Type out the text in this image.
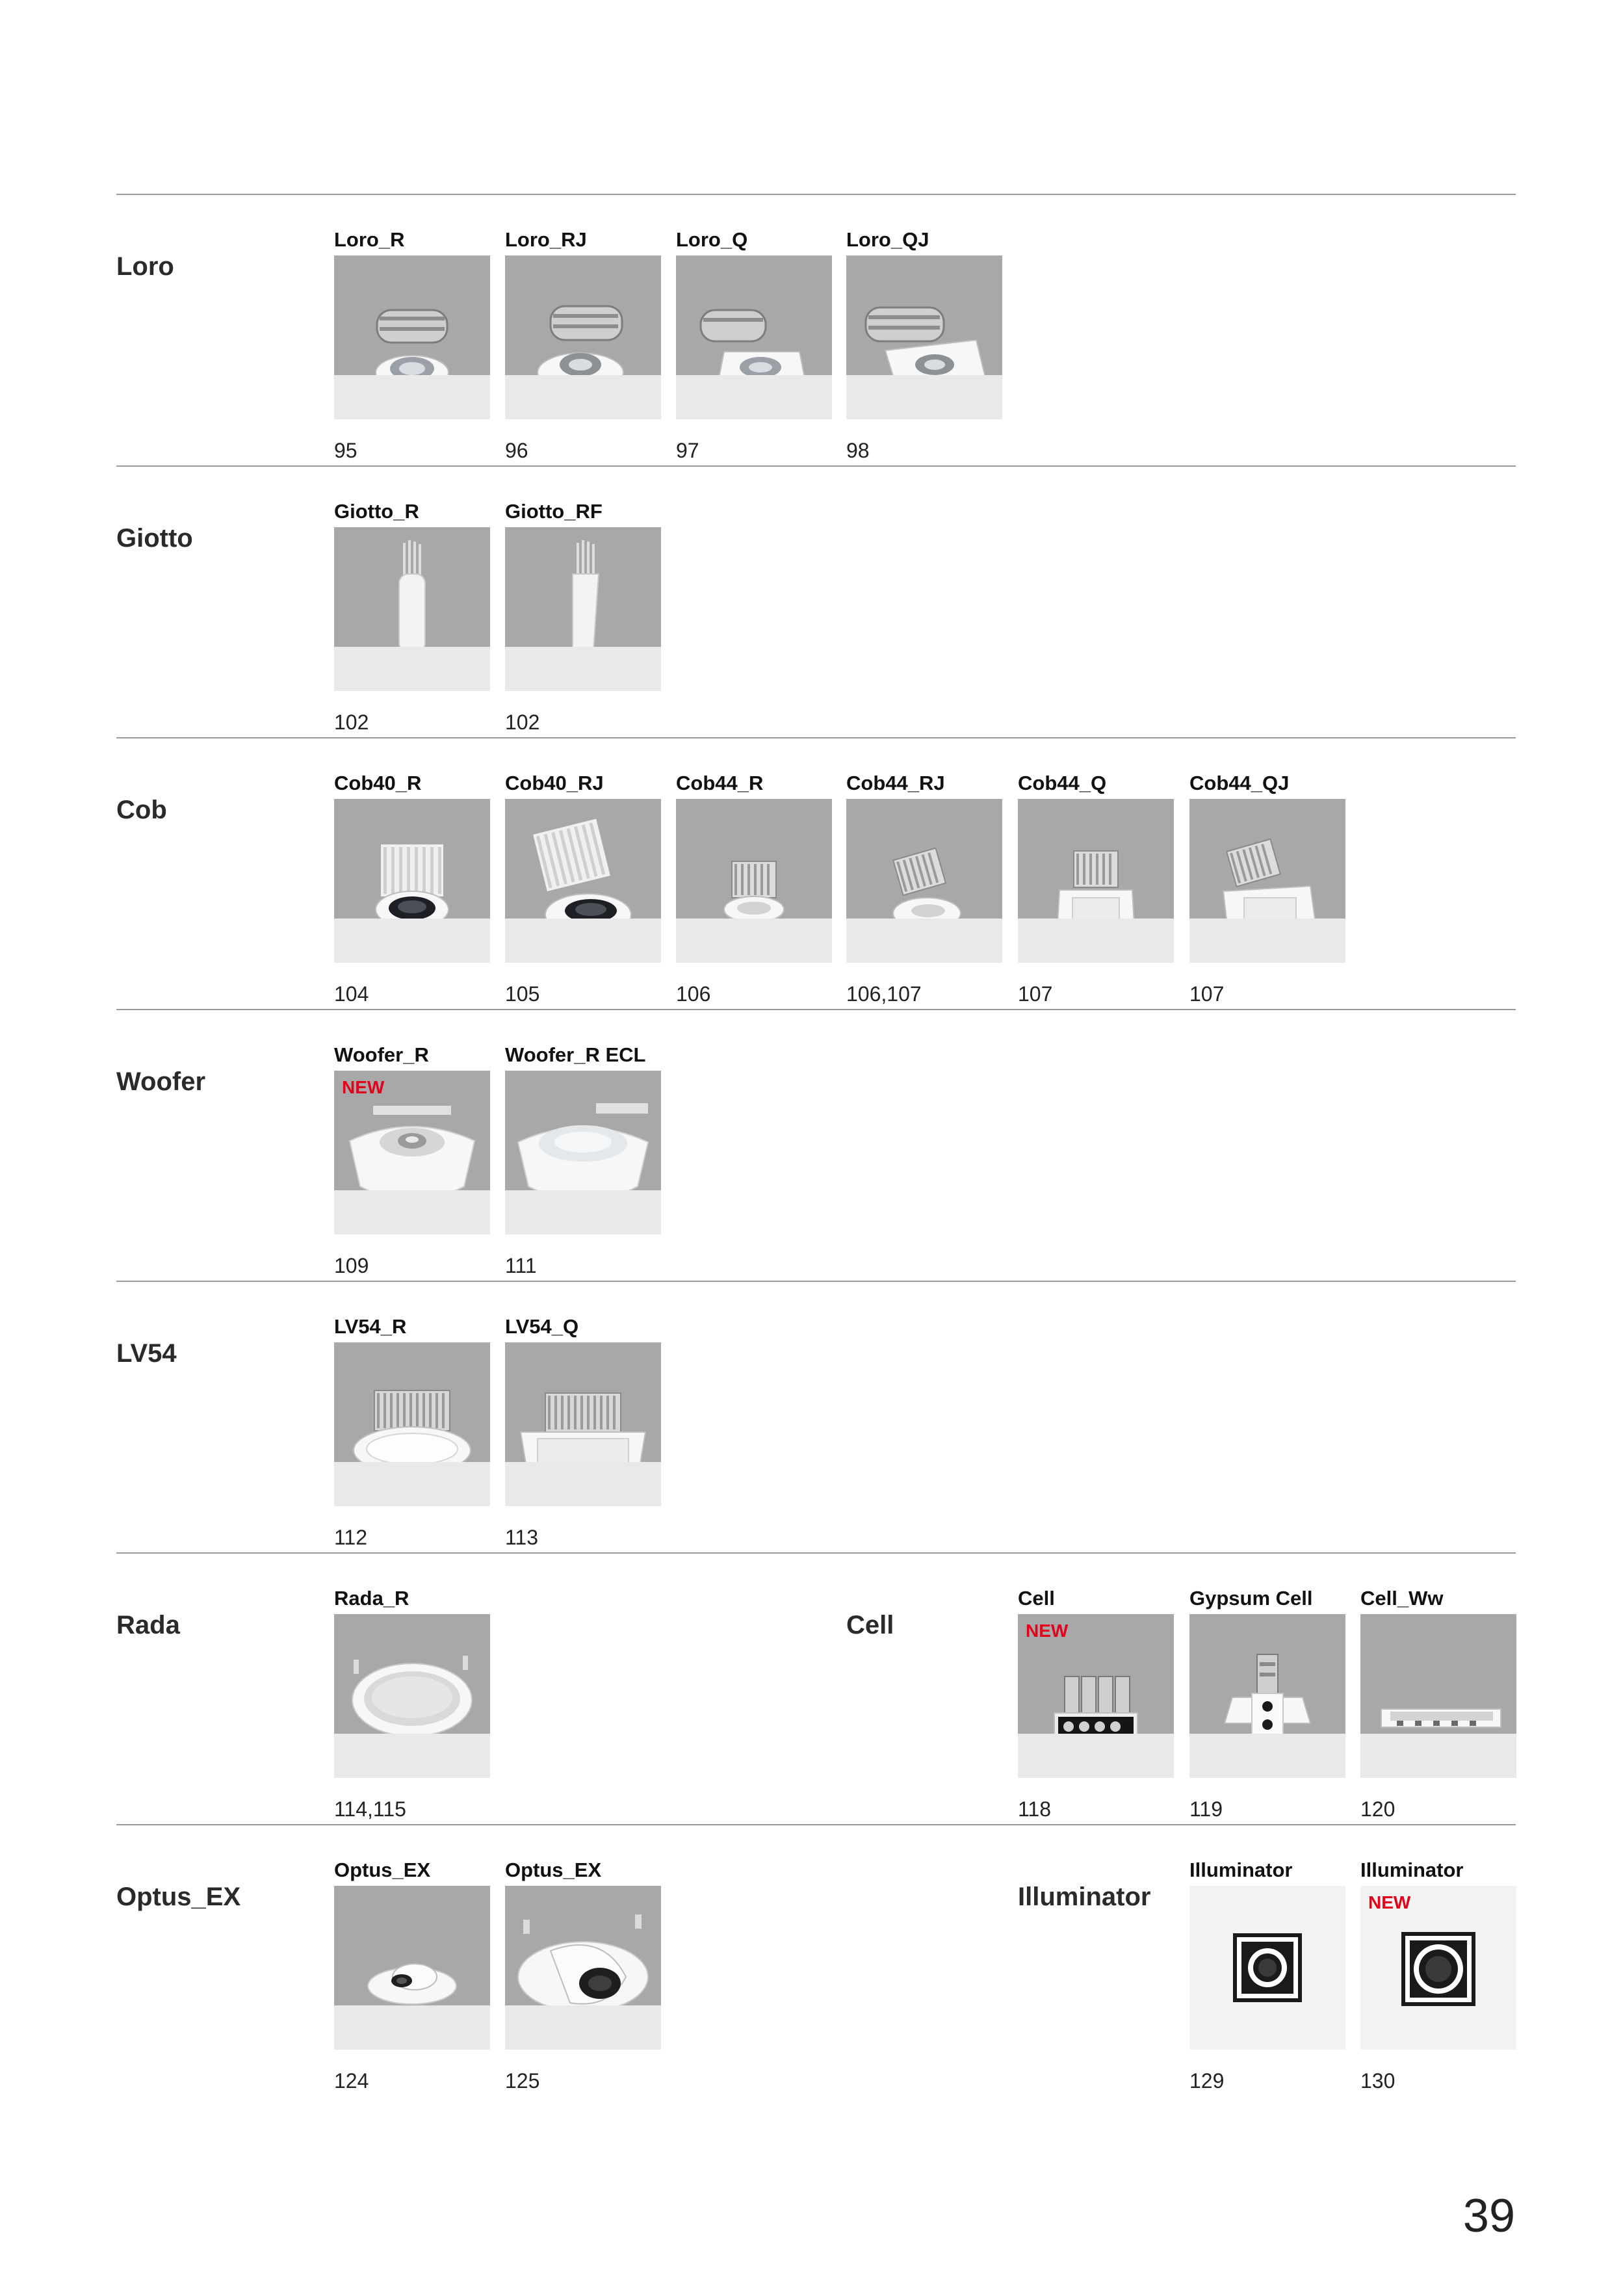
Loro
Giotto
Cob
Woofer
LV54
Rada	Cell
Optus_EX	Illuminator
Loro_R
95
Loro_RJ
96
Loro_Q
97
Loro_QJ
98
Giotto_R
102
Giotto_RF
102
Cob40_R
104
Cob40_RJ
105
Cob44_R
106
Cob44_RJ
106,107
Cob44_Q
107
Cob44_QJ
107
Woofer_R
NEW
109
Woofer_R ECL
111
LV54_R
112
LV54_Q
113
Rada_R
114,115
Cell
NEW
118
Gypsum Cell
119
Cell_Ww
120
Optus_EX
124
Optus_EX
125
Illuminator
129
Illuminator
NEW
130
39
